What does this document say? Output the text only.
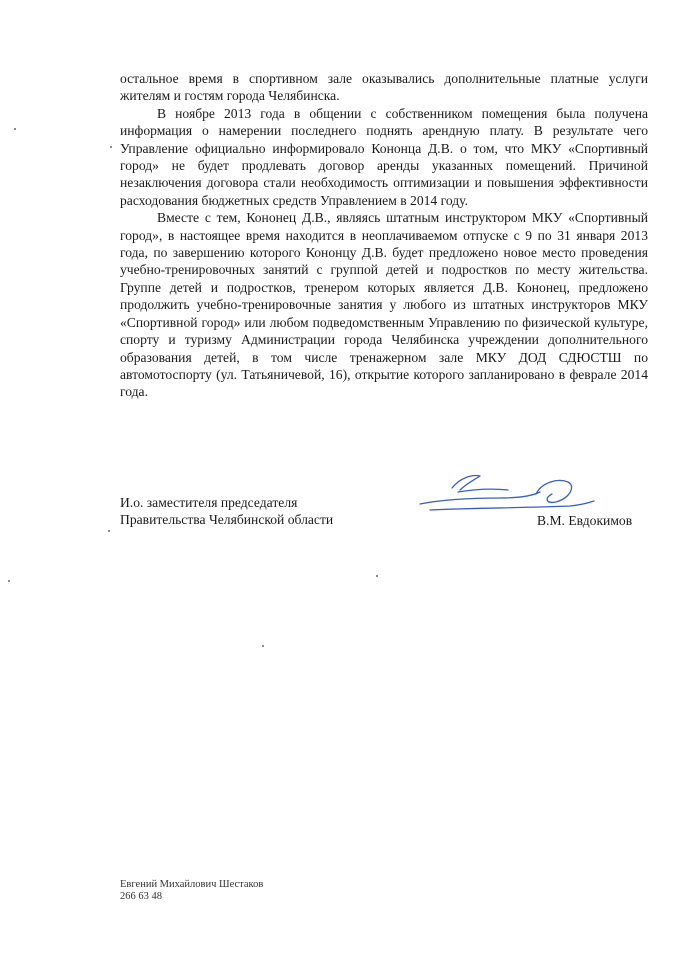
остальное время в спортивном зале оказывались дополнительные платные услуги жителям и гостям города Челябинска.

В ноябре 2013 года в общении с собственником помещения была получена информация о намерении последнего поднять арендную плату. В результате чего Управление официально информировало Кононца Д.В. о том, что МКУ «Спортивный город» не будет продлевать договор аренды указанных помещений. Причиной незаключения договора стали необходимость оптимизации и повышения эффективности расходования бюджетных средств Управлением в 2014 году.

Вместе с тем, Кононец Д.В., являясь штатным инструктором МКУ «Спортивный город», в настоящее время находится в неоплачиваемом отпуске с 9 по 31 января 2013 года, по завершению которого Кононцу Д.В. будет предложено новое место проведения учебно-тренировочных занятий с группой детей и подростков по месту жительства. Группе детей и подростков, тренером которых является Д.В. Кононец, предложено продолжить учебно-тренировочные занятия у любого из штатных инструкторов МКУ «Спортивной город» или любом подведомственным Управлению по физической культуре, спорту и туризму Администрации города Челябинска учреждении дополнительного образования детей, в том числе тренажерном зале МКУ ДОД СДЮСТШ по автомотоспорту (ул. Татьяничевой, 16), открытие которого запланировано в феврале 2014 года.

И.о. заместителя председателя
Правительства Челябинской области	В.М. Евдокимов
Евгений Михайлович Шестаков
266 63 48
